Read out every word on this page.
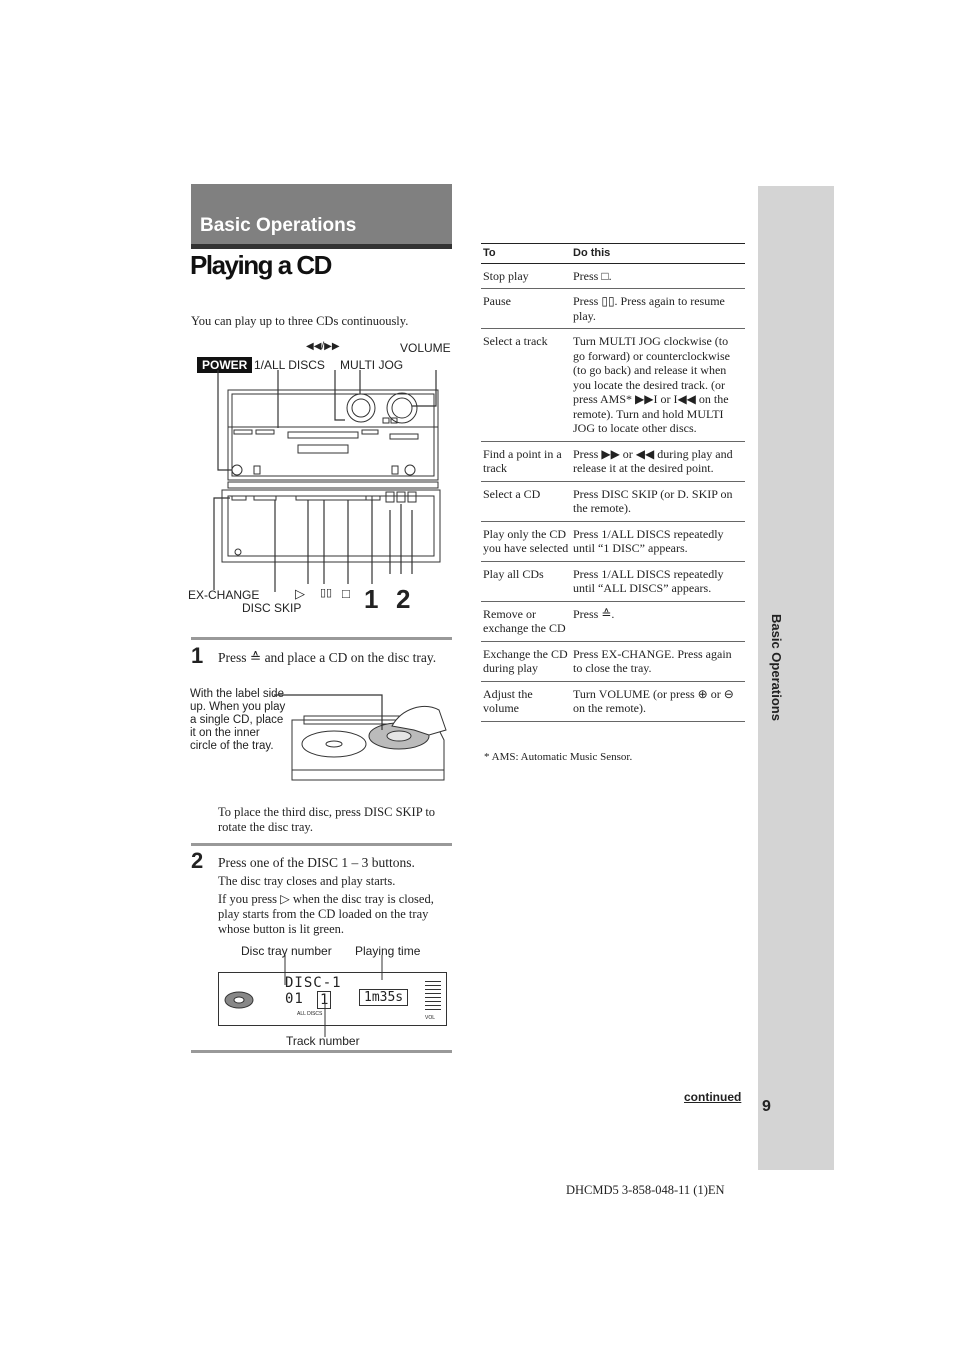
Basic Operations
Playing a CD
You can play up to three CDs continuously.
POWER 1/ALL DISCS
◀◀/▶▶
MULTI JOG
VOLUME
EX-CHANGE
DISC SKIP
▷ ▯▯ □ 1 2
1 Press ≙ and place a CD on the disc tray.
With the label side up. When you play a single CD, place it on the inner circle of the tray.
To place the third disc, press DISC SKIP to rotate the disc tray.
2 Press one of the DISC 1 – 3 buttons.
The disc tray closes and play starts.
If you press ▷ when the disc tray is closed, play starts from the CD loaded on the tray whose button is lit green.
Disc tray number Playing time
DISC-1
01 1	1m35s
ALL DISCS
VOL
Track number
To	Do this
Stop play	Press □.
Pause	Press ▯▯. Press again to resume play.
Select a track	Turn MULTI JOG clockwise (to go forward) or counterclockwise (to go back) and release it when you locate the desired track. (or press AMS* ▶▶I or I◀◀ on the remote). Turn and hold MULTI JOG to locate other discs.
Find a point in a track	Press ▶▶ or ◀◀ during play and release it at the desired point.
Select a CD	Press DISC SKIP (or D. SKIP on the remote).
Play only the CD you have selected	Press 1/ALL DISCS repeatedly until “1 DISC” appears.
Play all CDs	Press 1/ALL DISCS repeatedly until “ALL DISCS” appears.
Remove or exchange the CD	Press ≙.
Exchange the CD during play	Press EX-CHANGE. Press again to close the tray.
Adjust the volume	Turn VOLUME (or press ⊕ or ⊖ on the remote).
* AMS: Automatic Music Sensor.
Basic Operations
continued
9
DHCMD5 3-858-048-11 (1)EN
